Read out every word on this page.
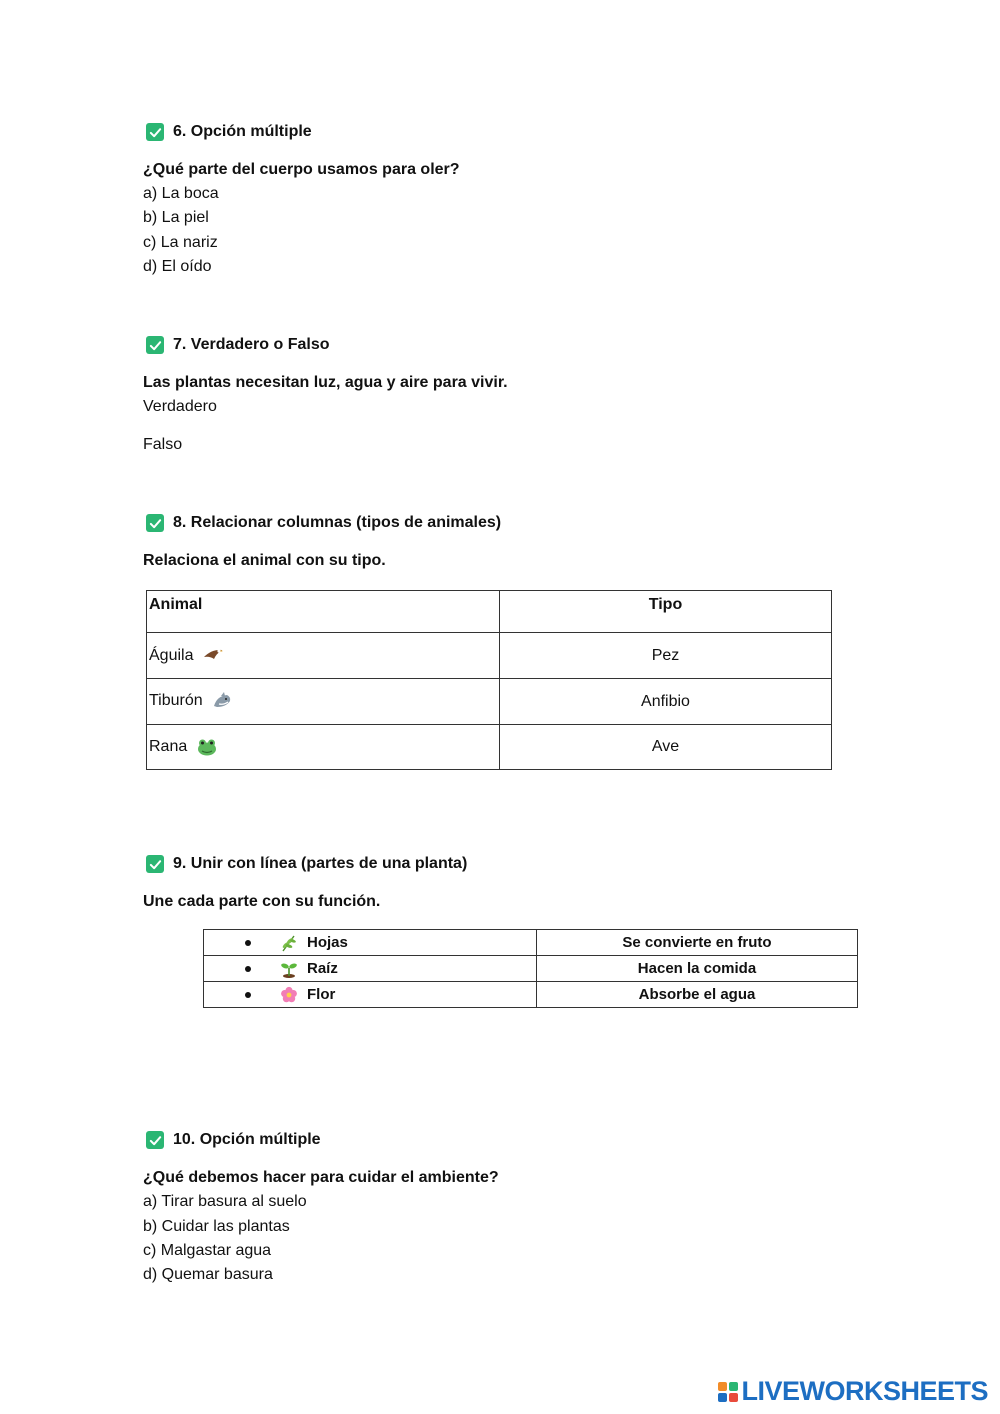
6. Opción múltiple
¿Qué parte del cuerpo usamos para oler?
a) La boca
b) La piel
c) La nariz
d) El oído
7. Verdadero o Falso
Las plantas necesitan luz, agua y aire para vivir.
Verdadero
Falso
8. Relacionar columnas (tipos de animales)
Relaciona el animal con su tipo.
Animal	Tipo
Águila	Pez
Tiburón	Anfibio
Rana	Ave
9. Unir con línea (partes de una planta)
Une cada parte con su función.
Hojas	Se convierte en fruto

Raíz	Hacen la comida

Flor	Absorbe el agua
10. Opción múltiple
¿Qué debemos hacer para cuidar el ambiente?
a) Tirar basura al suelo
b) Cuidar las plantas
c) Malgastar agua
d) Quemar basura
LIVEWORKSHEETS
